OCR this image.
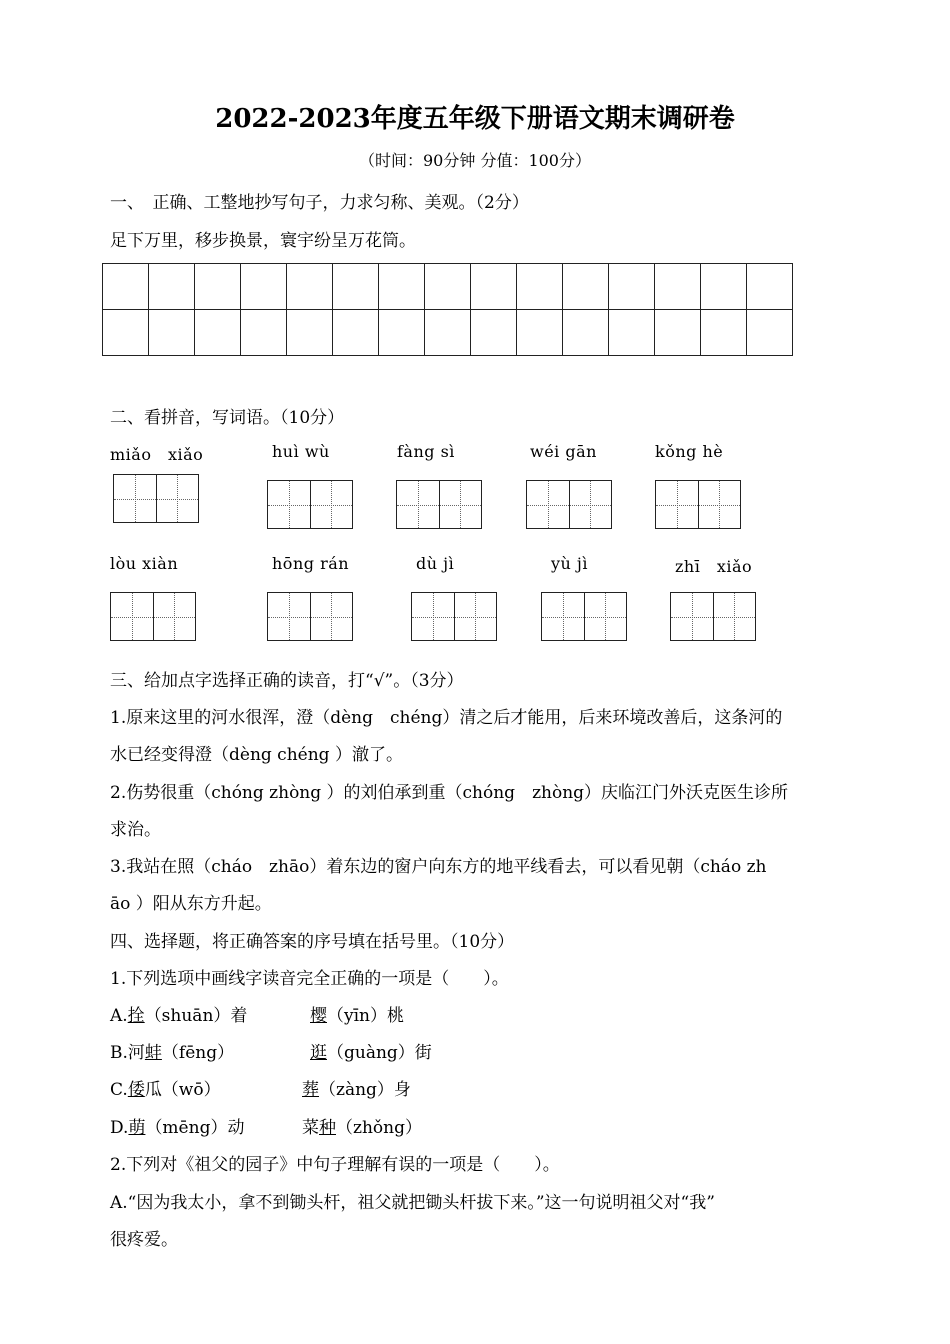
2022-2023年度五年级下册语文期末调研卷
（时间：90分钟 分值：100分）
一、　正确、工整地抄写句子，力求匀称、美观。（2分）
足下万里，移步换景，寰宇纷呈万花筒。

二、看拼音，写词语。（10分）
miǎo　xiǎo	huì wù	fàng sì	wéi gān	kǒng hè
lòu xiàn	hōng rán	dù jì	yù jì	zhī　xiǎo
三、给加点字选择正确的读音，打“√”。（3分）
1.原来这里的河水很浑，澄（dèng　chéng）清之后才能用，后来环境改善后，这条河的
水已经变得澄（dèng chéng ）澈了。
2.伤势很重（chóng zhòng ）的刘伯承到重（chóng　zhòng）庆临江门外沃克医生诊所
求治。
3.我站在照（cháo　zhāo）着东边的窗户向东方的地平线看去，可以看见朝（cháo zh
āo ）阳从东方升起。
四、选择题，将正确答案的序号填在括号里。（10分）
1.下列选项中画线字读音完全正确的一项是（　　）。
A.拴（shuān）着	樱（yīn）桃
B.河蚌（fēng）	逛（guàng）街
C.倭瓜（wō）	葬（zàng）身
D.萌（mēng）动	菜种（zhǒng）
2.下列对《祖父的园子》中句子理解有误的一项是（　　）。
A.“因为我太小，拿不到锄头杆，祖父就把锄头杆拔下来。”这一句说明祖父对“我”
很疼爱。
